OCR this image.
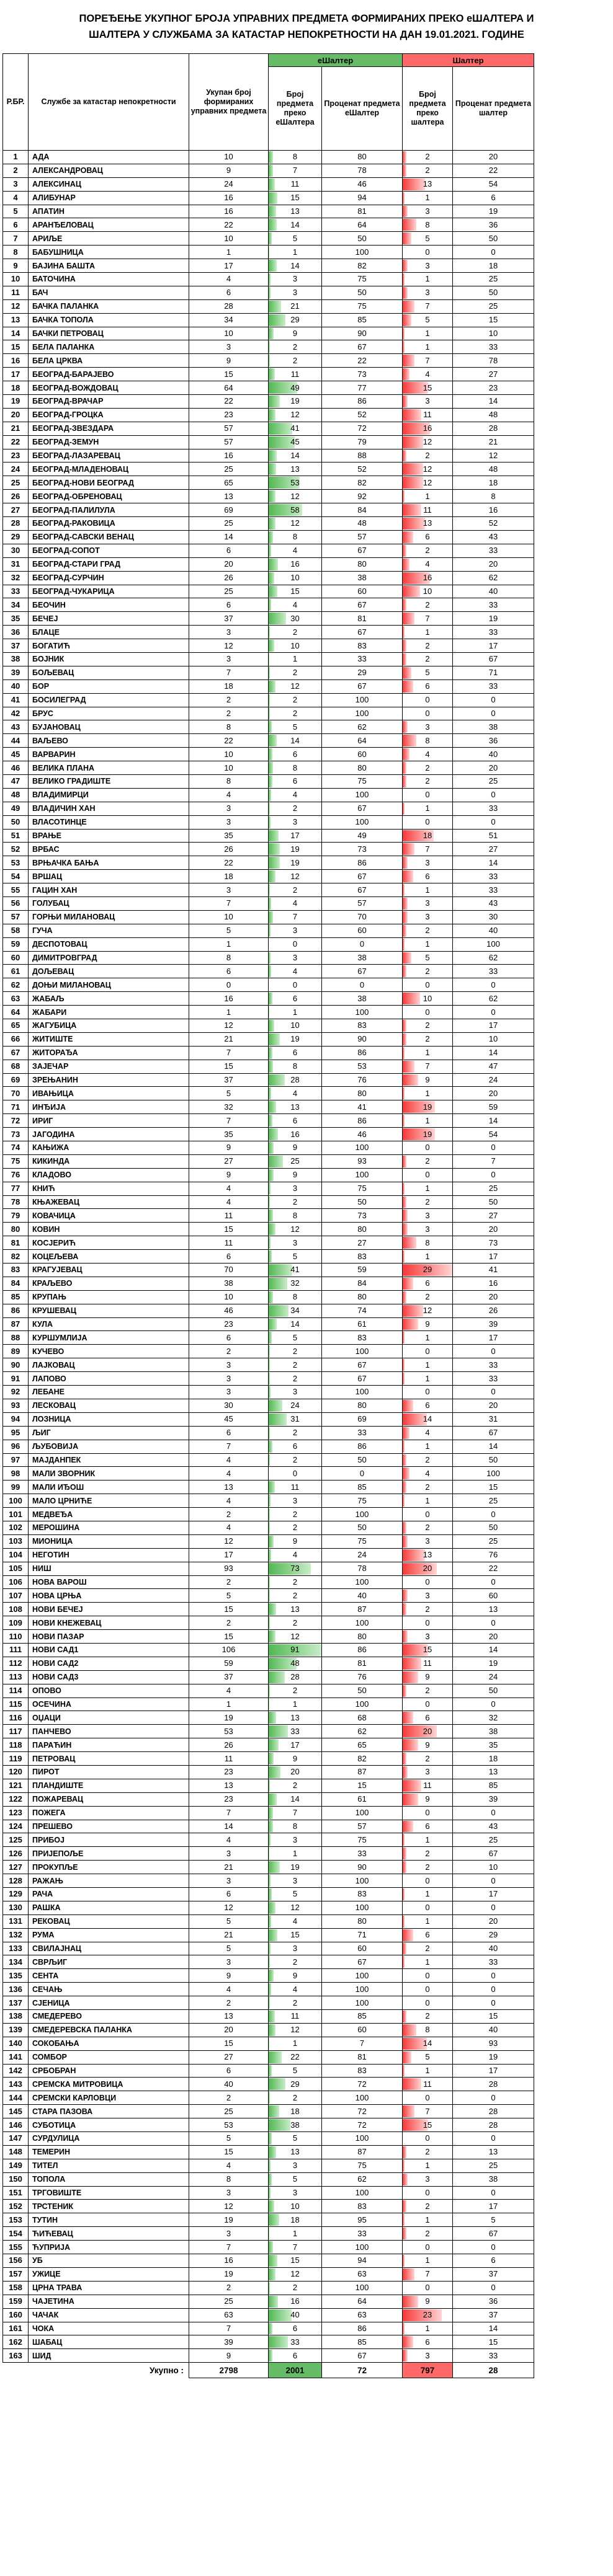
ПОРЕЂЕЊЕ УКУПНОГ БРОЈА УПРАВНИХ ПРЕДМЕТА ФОРМИРАНИХ ПРЕКО еШАЛТЕРА И
ШАЛТЕРА У СЛУЖБАМА ЗА КАТАСТАР НЕПОКРЕТНОСТИ НА ДАН 19.01.2021. ГОДИНЕ
Р.БР.	Службе за катастар непокретности	Укупан број формираних управних предмета	еШалтер		Шалтер		
			Број предмета преко еШалтера	Проценат предмета еШалтер	Број предмета преко шалтера	Проценат предмета шалтер	
1	АДА	10	8	80	2	20	
2	АЛЕКСАНДРОВАЦ	9	7	78	2	22	
3	АЛЕКСИНАЦ	24	11	46	13	54	
4	АЛИБУНАР	16	15	94	1	6	
5	АПАТИН	16	13	81	3	19	
6	АРАНЂЕЛОВАЦ	22	14	64	8	36	
7	АРИЉЕ	10	5	50	5	50	
8	БАБУШНИЦА	1	1	100	0	0	
9	БАЈИНА БАШТА	17	14	82	3	18	
10	БАТОЧИНА	4	3	75	1	25	
11	БАЧ	6	3	50	3	50	
12	БАЧКА ПАЛАНКА	28	21	75	7	25	
13	БАЧКА ТОПОЛА	34	29	85	5	15	
14	БАЧКИ ПЕТРОВАЦ	10	9	90	1	10	
15	БЕЛА ПАЛАНКА	3	2	67	1	33	
16	БЕЛА ЦРКВА	9	2	22	7	78	
17	БЕОГРАД-БАРАЈЕВО	15	11	73	4	27	
18	БЕОГРАД-ВОЖДОВАЦ	64	49	77	15	23	
19	БЕОГРАД-ВРАЧАР	22	19	86	3	14	
20	БЕОГРАД-ГРОЦКА	23	12	52	11	48	
21	БЕОГРАД-ЗВЕЗДАРА	57	41	72	16	28	
22	БЕОГРАД-ЗЕМУН	57	45	79	12	21	
23	БЕОГРАД-ЛАЗАРЕВАЦ	16	14	88	2	12	
24	БЕОГРАД-МЛАДЕНОВАЦ	25	13	52	12	48	
25	БЕОГРАД-НОВИ БЕОГРАД	65	53	82	12	18	
26	БЕОГРАД-ОБРЕНОВАЦ	13	12	92	1	8	
27	БЕОГРАД-ПАЛИЛУЛА	69	58	84	11	16	
28	БЕОГРАД-РАКОВИЦА	25	12	48	13	52	
29	БЕОГРАД-САВСКИ ВЕНАЦ	14	8	57	6	43	
30	БЕОГРАД-СОПОТ	6	4	67	2	33	
31	БЕОГРАД-СТАРИ ГРАД	20	16	80	4	20	
32	БЕОГРАД-СУРЧИН	26	10	38	16	62	
33	БЕОГРАД-ЧУКАРИЦА	25	15	60	10	40	
34	БЕОЧИН	6	4	67	2	33	
35	БЕЧЕЈ	37	30	81	7	19	
36	БЛАЦЕ	3	2	67	1	33	
37	БОГАТИЋ	12	10	83	2	17	
38	БОЈНИК	3	1	33	2	67	
39	БОЉЕВАЦ	7	2	29	5	71	
40	БОР	18	12	67	6	33	
41	БОСИЛЕГРАД	2	2	100	0	0	
42	БРУС	2	2	100	0	0	
43	БУЈАНОВАЦ	8	5	62	3	38	
44	ВАЉЕВО	22	14	64	8	36	
45	ВАРВАРИН	10	6	60	4	40	
46	ВЕЛИКА ПЛАНА	10	8	80	2	20	
47	ВЕЛИКО ГРАДИШТЕ	8	6	75	2	25	
48	ВЛАДИМИРЦИ	4	4	100	0	0	
49	ВЛАДИЧИН ХАН	3	2	67	1	33	
50	ВЛАСОТИНЦЕ	3	3	100	0	0	
51	ВРАЊЕ	35	17	49	18	51	
52	ВРБАС	26	19	73	7	27	
53	ВРЊАЧКА БАЊА	22	19	86	3	14	
54	ВРШАЦ	18	12	67	6	33	
55	ГАЦИН ХАН	3	2	67	1	33	
56	ГОЛУБАЦ	7	4	57	3	43	
57	ГОРЊИ МИЛАНОВАЦ	10	7	70	3	30	
58	ГУЧА	5	3	60	2	40	
59	ДЕСПОТОВАЦ	1	0	0	1	100	
60	ДИМИТРОВГРАД	8	3	38	5	62	
61	ДОЉЕВАЦ	6	4	67	2	33	
62	ДОЊИ МИЛАНОВАЦ	0	0	0	0	0	
63	ЖАБАЉ	16	6	38	10	62	
64	ЖАБАРИ	1	1	100	0	0	
65	ЖАГУБИЦА	12	10	83	2	17	
66	ЖИТИШТЕ	21	19	90	2	10	
67	ЖИТОРАЂА	7	6	86	1	14	
68	ЗАЈЕЧАР	15	8	53	7	47	
69	ЗРЕЊАНИН	37	28	76	9	24	
70	ИВАЊИЦА	5	4	80	1	20	
71	ИНЂИЈА	32	13	41	19	59	
72	ИРИГ	7	6	86	1	14	
73	ЈАГОДИНА	35	16	46	19	54	
74	КАЊИЖА	9	9	100	0	0	
75	КИКИНДА	27	25	93	2	7	
76	КЛАДОВО	9	9	100	0	0	
77	КНИЋ	4	3	75	1	25	
78	КЊАЖЕВАЦ	4	2	50	2	50	
79	КОВАЧИЦА	11	8	73	3	27	
80	КОВИН	15	12	80	3	20	
81	КОСЈЕРИЋ	11	3	27	8	73	
82	КОЦЕЉЕВА	6	5	83	1	17	
83	КРАГУЈЕВАЦ	70	41	59	29	41	
84	КРАЉЕВО	38	32	84	6	16	
85	КРУПАЊ	10	8	80	2	20	
86	КРУШЕВАЦ	46	34	74	12	26	
87	КУЛА	23	14	61	9	39	
88	КУРШУМЛИЈА	6	5	83	1	17	
89	КУЧЕВО	2	2	100	0	0	
90	ЛАЈКОВАЦ	3	2	67	1	33	
91	ЛАПОВО	3	2	67	1	33	
92	ЛЕБАНЕ	3	3	100	0	0	
93	ЛЕСКОВАЦ	30	24	80	6	20	
94	ЛОЗНИЦА	45	31	69	14	31	
95	ЉИГ	6	2	33	4	67	
96	ЉУБОВИЈА	7	6	86	1	14	
97	МАЈДАНПЕК	4	2	50	2	50	
98	МАЛИ ЗВОРНИК	4	0	0	4	100	
99	МАЛИ ИЂОШ	13	11	85	2	15	
100	МАЛО ЦРНИЋЕ	4	3	75	1	25	
101	МЕДВЕЂА	2	2	100	0	0	
102	МЕРОШИНА	4	2	50	2	50	
103	МИОНИЦА	12	9	75	3	25	
104	НЕГОТИН	17	4	24	13	76	
105	НИШ	93	73	78	20	22	
106	НОВА ВАРОШ	2	2	100	0	0	
107	НОВА ЦРЊА	5	2	40	3	60	
108	НОВИ БЕЧЕЈ	15	13	87	2	13	
109	НОВИ КНЕЖЕВАЦ	2	2	100	0	0	
110	НОВИ ПАЗАР	15	12	80	3	20	
111	НОВИ САД1	106	91	86	15	14	
112	НОВИ САД2	59	48	81	11	19	
113	НОВИ САД3	37	28	76	9	24	
114	ОПОВО	4	2	50	2	50	
115	ОСЕЧИНА	1	1	100	0	0	
116	ОЏАЦИ	19	13	68	6	32	
117	ПАНЧЕВО	53	33	62	20	38	
118	ПАРАЋИН	26	17	65	9	35	
119	ПЕТРОВАЦ	11	9	82	2	18	
120	ПИРОТ	23	20	87	3	13	
121	ПЛАНДИШТЕ	13	2	15	11	85	
122	ПОЖАРЕВАЦ	23	14	61	9	39	
123	ПОЖЕГА	7	7	100	0	0	
124	ПРЕШЕВО	14	8	57	6	43	
125	ПРИБОЈ	4	3	75	1	25	
126	ПРИЈЕПОЉЕ	3	1	33	2	67	
127	ПРОКУПЉЕ	21	19	90	2	10	
128	РАЖАЊ	3	3	100	0	0	
129	РАЧА	6	5	83	1	17	
130	РАШКА	12	12	100	0	0	
131	РЕКОВАЦ	5	4	80	1	20	
132	РУМА	21	15	71	6	29	
133	СВИЛАЈНАЦ	5	3	60	2	40	
134	СВРЉИГ	3	2	67	1	33	
135	СЕНТА	9	9	100	0	0	
136	СЕЧАЊ	4	4	100	0	0	
137	СЈЕНИЦА	2	2	100	0	0	
138	СМЕДЕРЕВО	13	11	85	2	15	
139	СМЕДЕРЕВСКА ПАЛАНКА	20	12	60	8	40	
140	СОКОБАЊА	15	1	7	14	93	
141	СОМБОР	27	22	81	5	19	
142	СРБОБРАН	6	5	83	1	17	
143	СРЕМСКА МИТРОВИЦА	40	29	72	11	28	
144	СРЕМСКИ КАРЛОВЦИ	2	2	100	0	0	
145	СТАРА ПАЗОВА	25	18	72	7	28	
146	СУБОТИЦА	53	38	72	15	28	
147	СУРДУЛИЦА	5	5	100	0	0	
148	ТЕМЕРИН	15	13	87	2	13	
149	ТИТЕЛ	4	3	75	1	25	
150	ТОПОЛА	8	5	62	3	38	
151	ТРГОВИШТЕ	3	3	100	0	0	
152	ТРСТЕНИК	12	10	83	2	17	
153	ТУТИН	19	18	95	1	5	
154	ЋИЋЕВАЦ	3	1	33	2	67	
155	ЋУПРИЈА	7	7	100	0	0	
156	УБ	16	15	94	1	6	
157	УЖИЦЕ	19	12	63	7	37	
158	ЦРНА ТРАВА	2	2	100	0	0	
159	ЧАЈЕТИНА	25	16	64	9	36	
160	ЧАЧАК	63	40	63	23	37	
161	ЧОКА	7	6	86	1	14	
162	ШАБАЦ	39	33	85	6	15	
163	ШИД	9	6	67	3	33	
Укупно :		2798	2001	72	797	28	
